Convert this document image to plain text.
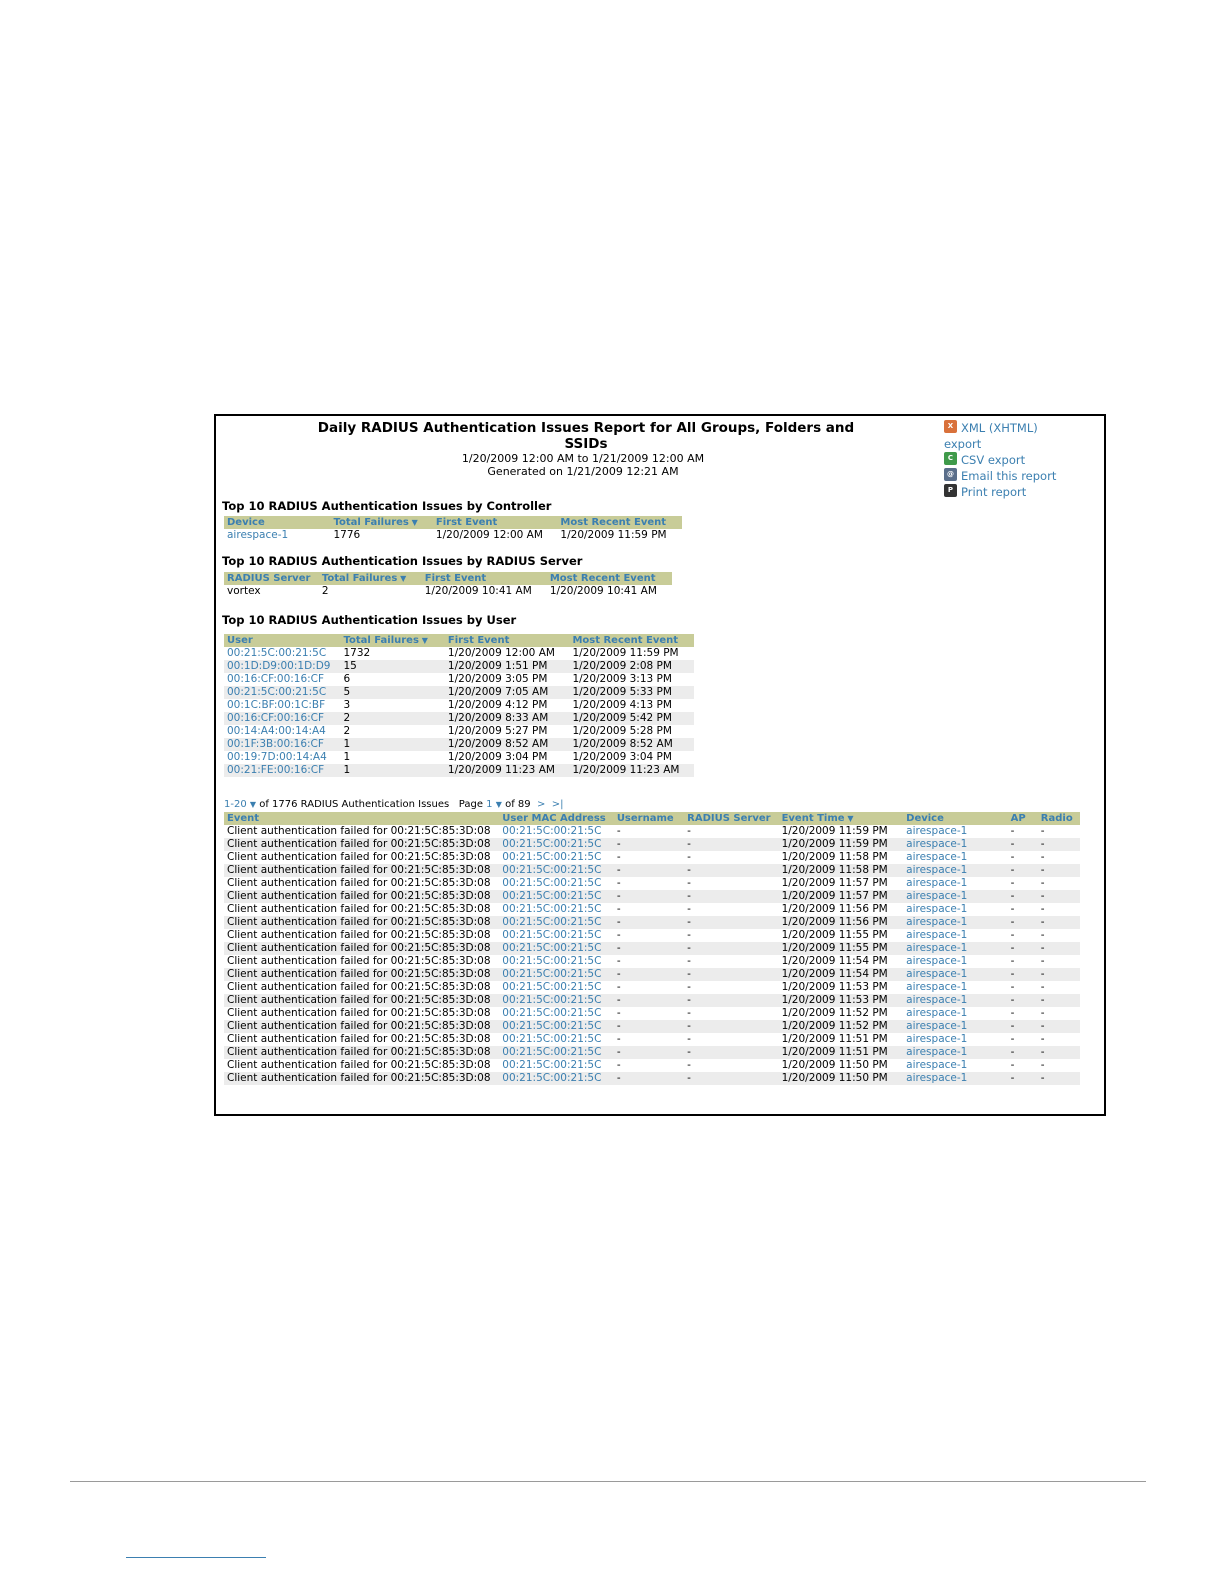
Daily RADIUS Authentication Issues Report for All Groups, Folders and SSIDs
1/20/2009 12:00 AM to 1/21/2009 12:00 AM
Generated on 1/21/2009 12:21 AM
X XML (XHTML)
export
C CSV export
@ Email this report
P Print report
Top 10 RADIUS Authentication Issues by Controller
Device	Total Failures ▼	First Event	Most Recent Event
airespace-1	1776	1/20/2009 12:00 AM	1/20/2009 11:59 PM
Top 10 RADIUS Authentication Issues by RADIUS Server
RADIUS Server	Total Failures ▼	First Event	Most Recent Event
vortex	2	1/20/2009 10:41 AM	1/20/2009 10:41 AM
Top 10 RADIUS Authentication Issues by User
User	Total Failures ▼	First Event	Most Recent Event
00:21:5C:00:21:5C	1732	1/20/2009 12:00 AM	1/20/2009 11:59 PM
00:1D:D9:00:1D:D9	15	1/20/2009 1:51 PM	1/20/2009 2:08 PM
00:16:CF:00:16:CF	6	1/20/2009 3:05 PM	1/20/2009 3:13 PM
00:21:5C:00:21:5C	5	1/20/2009 7:05 AM	1/20/2009 5:33 PM
00:1C:BF:00:1C:BF	3	1/20/2009 4:12 PM	1/20/2009 4:13 PM
00:16:CF:00:16:CF	2	1/20/2009 8:33 AM	1/20/2009 5:42 PM
00:14:A4:00:14:A4	2	1/20/2009 5:27 PM	1/20/2009 5:28 PM
00:1F:3B:00:16:CF	1	1/20/2009 8:52 AM	1/20/2009 8:52 AM
00:19:7D:00:14:A4	1	1/20/2009 3:04 PM	1/20/2009 3:04 PM
00:21:FE:00:16:CF	1	1/20/2009 11:23 AM	1/20/2009 11:23 AM
1-20 ▼ of 1776 RADIUS Authentication Issues Page 1 ▼ of 89 > >|
Event	User MAC Address	Username	RADIUS Server	Event Time ▼	Device	AP	Radio
Client authentication failed for 00:21:5C:85:3D:08	00:21:5C:00:21:5C	-	-	1/20/2009 11:59 PM	airespace-1	-	-
Client authentication failed for 00:21:5C:85:3D:08	00:21:5C:00:21:5C	-	-	1/20/2009 11:59 PM	airespace-1	-	-
Client authentication failed for 00:21:5C:85:3D:08	00:21:5C:00:21:5C	-	-	1/20/2009 11:58 PM	airespace-1	-	-
Client authentication failed for 00:21:5C:85:3D:08	00:21:5C:00:21:5C	-	-	1/20/2009 11:58 PM	airespace-1	-	-
Client authentication failed for 00:21:5C:85:3D:08	00:21:5C:00:21:5C	-	-	1/20/2009 11:57 PM	airespace-1	-	-
Client authentication failed for 00:21:5C:85:3D:08	00:21:5C:00:21:5C	-	-	1/20/2009 11:57 PM	airespace-1	-	-
Client authentication failed for 00:21:5C:85:3D:08	00:21:5C:00:21:5C	-	-	1/20/2009 11:56 PM	airespace-1	-	-
Client authentication failed for 00:21:5C:85:3D:08	00:21:5C:00:21:5C	-	-	1/20/2009 11:56 PM	airespace-1	-	-
Client authentication failed for 00:21:5C:85:3D:08	00:21:5C:00:21:5C	-	-	1/20/2009 11:55 PM	airespace-1	-	-
Client authentication failed for 00:21:5C:85:3D:08	00:21:5C:00:21:5C	-	-	1/20/2009 11:55 PM	airespace-1	-	-
Client authentication failed for 00:21:5C:85:3D:08	00:21:5C:00:21:5C	-	-	1/20/2009 11:54 PM	airespace-1	-	-
Client authentication failed for 00:21:5C:85:3D:08	00:21:5C:00:21:5C	-	-	1/20/2009 11:54 PM	airespace-1	-	-
Client authentication failed for 00:21:5C:85:3D:08	00:21:5C:00:21:5C	-	-	1/20/2009 11:53 PM	airespace-1	-	-
Client authentication failed for 00:21:5C:85:3D:08	00:21:5C:00:21:5C	-	-	1/20/2009 11:53 PM	airespace-1	-	-
Client authentication failed for 00:21:5C:85:3D:08	00:21:5C:00:21:5C	-	-	1/20/2009 11:52 PM	airespace-1	-	-
Client authentication failed for 00:21:5C:85:3D:08	00:21:5C:00:21:5C	-	-	1/20/2009 11:52 PM	airespace-1	-	-
Client authentication failed for 00:21:5C:85:3D:08	00:21:5C:00:21:5C	-	-	1/20/2009 11:51 PM	airespace-1	-	-
Client authentication failed for 00:21:5C:85:3D:08	00:21:5C:00:21:5C	-	-	1/20/2009 11:51 PM	airespace-1	-	-
Client authentication failed for 00:21:5C:85:3D:08	00:21:5C:00:21:5C	-	-	1/20/2009 11:50 PM	airespace-1	-	-
Client authentication failed for 00:21:5C:85:3D:08	00:21:5C:00:21:5C	-	-	1/20/2009 11:50 PM	airespace-1	-	-
